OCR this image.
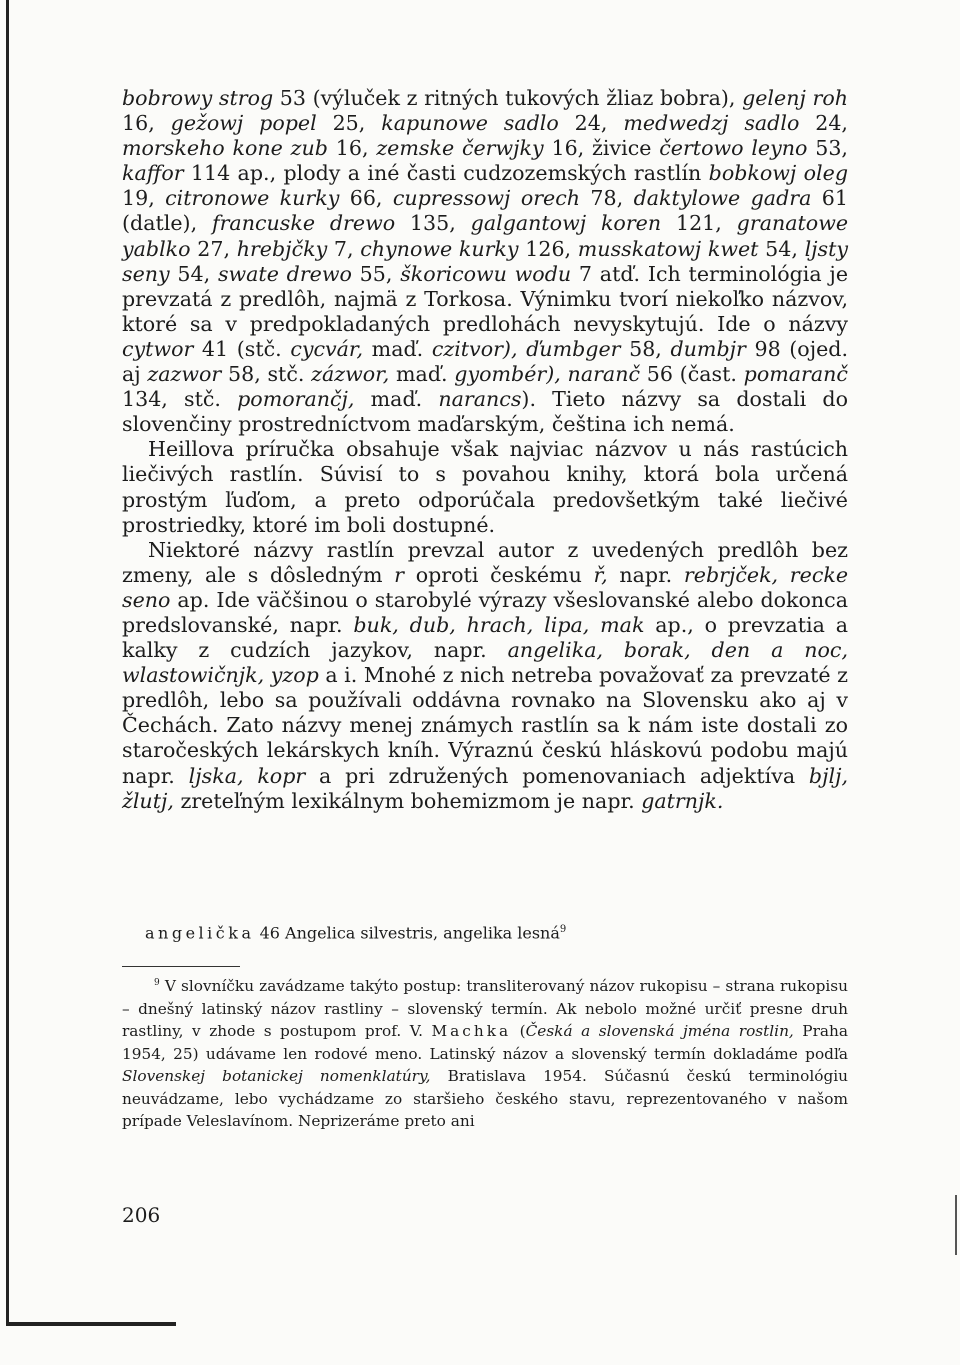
bobrowy strog 53 (výluček z ritných tukových žliaz bobra), gelenj roh 16, gežowj popel 25, kapunowe sadlo 24, medwedzj sadlo 24, morskeho kone zub 16, zemske čerwjky 16, živice čertowo leyno 53, kaffor 114 ap., plody a iné časti cudzozemských rastlín bobkowj oleg 19, citronowe kurky 66, cupressowj orech 78, daktylowe gadra 61 (datle), francuske drewo 135, galgantowj koren 121, granatowe yablko 27, hrebjčky 7, chynowe kurky 126, musskatowj kwet 54, ljsty seny 54, swate drewo 55, škoricowu wodu 7 atď. Ich terminológia je prevzatá z predlôh, najmä z Torkosa. Výnimku tvorí niekoľko názvov, ktoré sa v predpokladaných predlohách nevyskytujú. Ide o názvy cytwor 41 (stč. cycvár, maď. czitvor), ďumbger 58, dumbjr 98 (ojed. aj zazwor 58, stč. zázwor, maď. gyombér), naranč 56 (čast. pomaranč 134, stč. pomorančj, maď. narancs). Tieto názvy sa dostali do slovenčiny prostredníctvom maďarským, čeština ich nemá.

Heillova príručka obsahuje však najviac názvov u nás rastúcich liečivých rastlín. Súvisí to s povahou knihy, ktorá bola určená prostým ľuďom, a preto odporúčala predovšetkým také liečivé prostriedky, ktoré im boli dostupné.

Niektoré názvy rastlín prevzal autor z uvedených predlôh bez zmeny, ale s dôsledným r oproti českému ř, napr. rebrjček, recke seno ap. Ide väčšinou o starobylé výrazy všeslovanské alebo dokonca predslovanské, napr. buk, dub, hrach, lipa, mak ap., o prevzatia a kalky z cudzích jazykov, napr. angelika, borak, den a noc, wlastowičnjk, yzop a i. Mnohé z nich netreba považovať za prevzaté z predlôh, lebo sa používali oddávna rovnako na Slovensku ako aj v Čechách. Zato názvy menej známych rastlín sa k nám iste dostali zo staročeských lekárskych kníh. Výraznú českú hláskovú podobu majú napr. ljska, kopr a pri združených pomenovaniach adjektíva bjlj, žlutj, zreteľným lexikálnym bohemizmom je napr. gatrnjk.

angelička 46 Angelica silvestris, angelika lesná$^9$

$^9$ V slovníčku zavádzame takýto postup: transliterovaný názov rukopisu – strana rukopisu – dnešný latinský názov rastliny – slovenský termín. Ak nebolo možné určiť presne druh rastliny, v zhode s postupom prof. V. Machka (Česká a slovenská jména rostlin, Praha 1954, 25) udávame len rodové meno. Latinský názov a slovenský termín dokladáme podľa Slovenskej botanickej nomenklatúry, Bratislava 1954. Súčasnú českú terminológiu neuvádzame, lebo vychádzame zo staršieho českého stavu, reprezentovaného v našom prípade Veleslavínom. Neprizeráme preto ani

206
